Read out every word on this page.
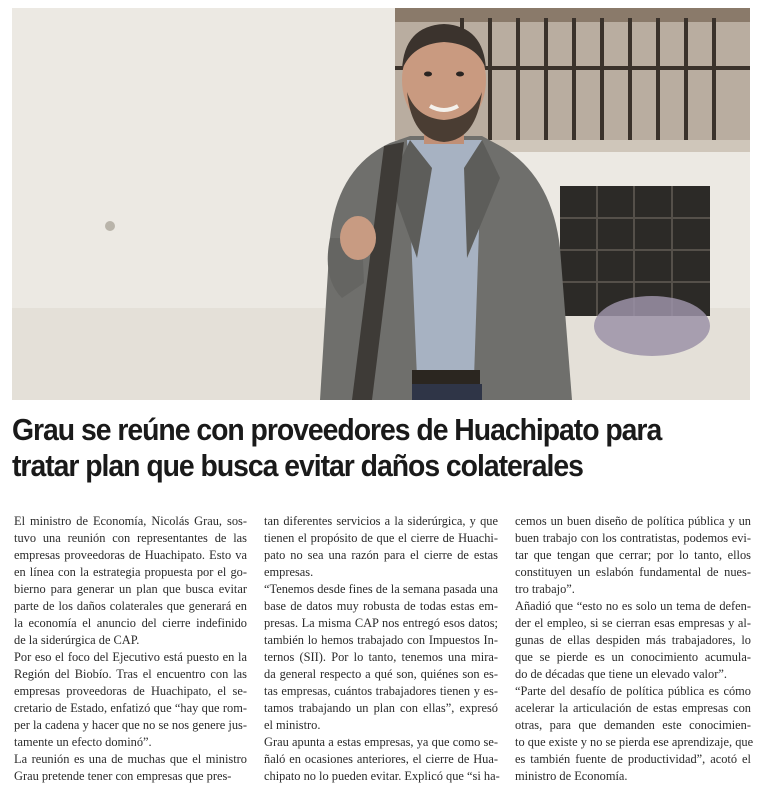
Grau se reúne con proveedores de Huachipato para
tratar plan que busca evitar daños colaterales
El ministro de Economía, Nicolás Grau, sos-
tuvo una reunión con representantes de las
empresas proveedoras de Huachipato. Esto va
en línea con la estrategia propuesta por el go-
bierno para generar un plan que busca evitar
parte de los daños colaterales que generará en
la economía el anuncio del cierre indefinido
de la siderúrgica de CAP.
Por eso el foco del Ejecutivo está puesto en la
Región del Biobío. Tras el encuentro con las
empresas proveedoras de Huachipato, el se-
cretario de Estado, enfatizó que “hay que rom-
per la cadena y hacer que no se nos genere jus-
tamente un efecto dominó”.
La reunión es una de muchas que el ministro
Grau pretende tener con empresas que pres-
tan diferentes servicios a la siderúrgica, y que
tienen el propósito de que el cierre de Huachi-
pato no sea una razón para el cierre de estas
empresas.
“Tenemos desde fines de la semana pasada una
base de datos muy robusta de todas estas em-
presas. La misma CAP nos entregó esos datos;
también lo hemos trabajado con Impuestos In-
ternos (SII). Por lo tanto, tenemos una mira-
da general respecto a qué son, quiénes son es-
tas empresas, cuántos trabajadores tienen y es-
tamos trabajando un plan con ellas”, expresó
el ministro.
Grau apunta a estas empresas, ya que como se-
ñaló en ocasiones anteriores, el cierre de Hua-
chipato no lo pueden evitar. Explicó que “si ha-
cemos un buen diseño de política pública y un
buen trabajo con los contratistas, podemos evi-
tar que tengan que cerrar; por lo tanto, ellos
constituyen un eslabón fundamental de nues-
tro trabajo”.
Añadió que “esto no es solo un tema de defen-
der el empleo, si se cierran esas empresas y al-
gunas de ellas despiden más trabajadores, lo
que se pierde es un conocimiento acumula-
do de décadas que tiene un elevado valor”.
“Parte del desafío de política pública es cómo
acelerar la articulación de estas empresas con
otras, para que demanden este conocimien-
to que existe y no se pierda ese aprendizaje, que
es también fuente de productividad”, acotó el
ministro de Economía.
